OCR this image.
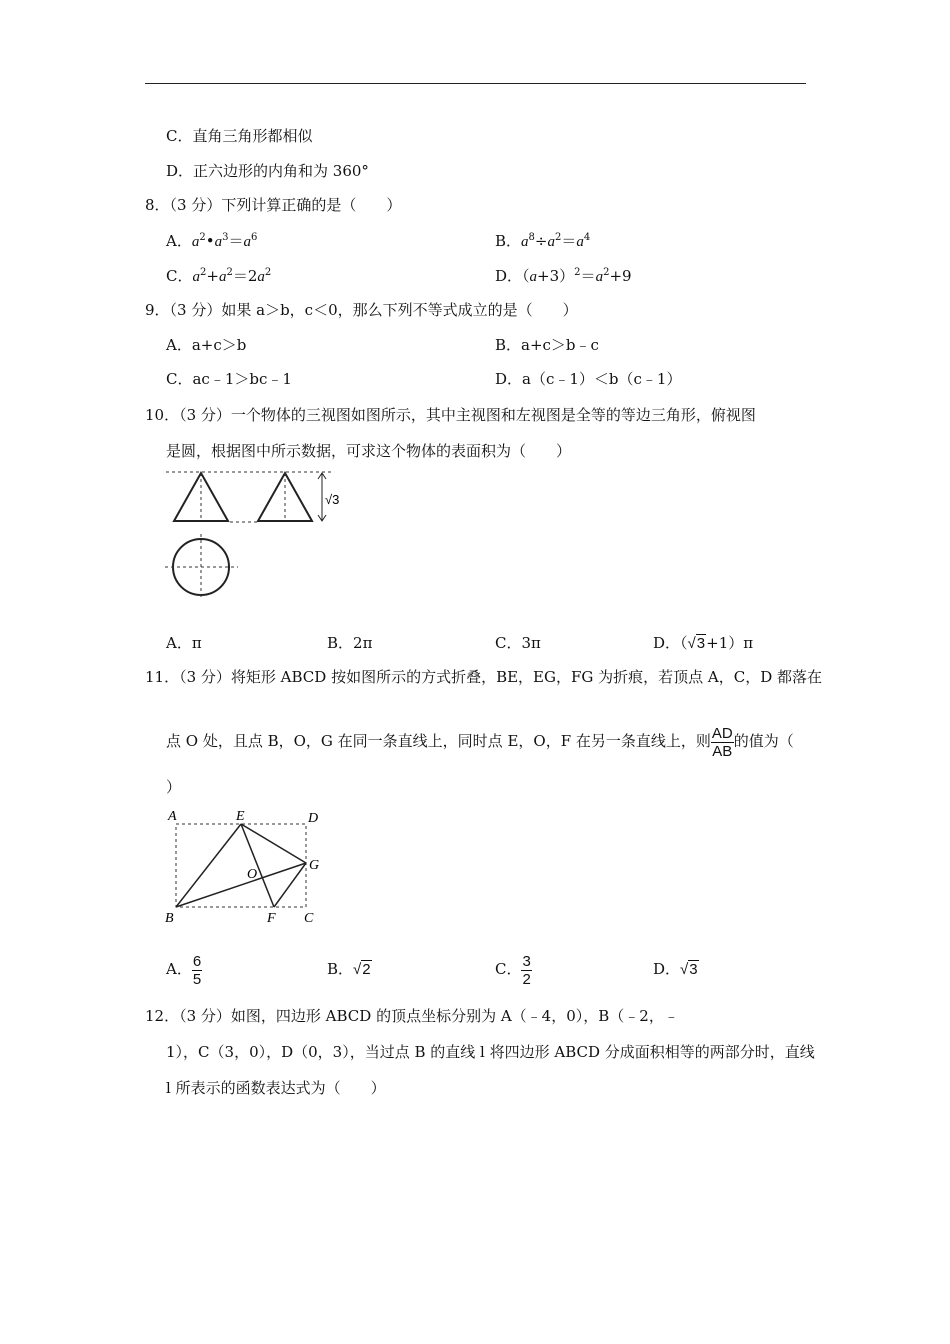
C．直角三角形都相似
D．正六边形的内角和为 360°
8．（3 分）下列计算正确的是（　　）
A．$a^2•a^3=a^6$	B．$a^8\div a^2=a^4$
C．$a^2+a^2=2a^2$	D．$(a+3)^2=a^2+9$
9．（3 分）如果 a＞b，c＜0，那么下列不等式成立的是（　　）
A．a+c＞b	B．a+c＞b﹣c
C．ac﹣1＞bc﹣1	D．a（c﹣1）＜b（c﹣1）
10．（3 分）一个物体的三视图如图所示，其中主视图和左视图是全等的等边三角形，俯视图
是圆，根据图中所示数据，可求这个物体的表面积为（　　）
√3
A．π	B．2π	C．3π	D．（√3+1）π
11．（3 分）将矩形 ABCD 按如图所示的方式折叠，BE，EG，FG 为折痕，若顶点 A，C，D 都落在
点 O 处，且点 B，O，G 在同一条直线上，同时点 E，O，F 在另一条直线上，则 $\frac{AD}{AB}$ 的值为（
）
A	E	D
G
O
B	F C
A． $\frac{6}{5}$	B．√2	C． $\frac{3}{2}$	D．√3
12．（3 分）如图，四边形 ABCD 的顶点坐标分别为 A（﹣4，0），B（﹣2，﹣
1），C（3，0），D（0，3），当过点 B 的直线 l 将四边形 ABCD 分成面积相等的两部分时，直线
l 所表示的函数表达式为（　　）
